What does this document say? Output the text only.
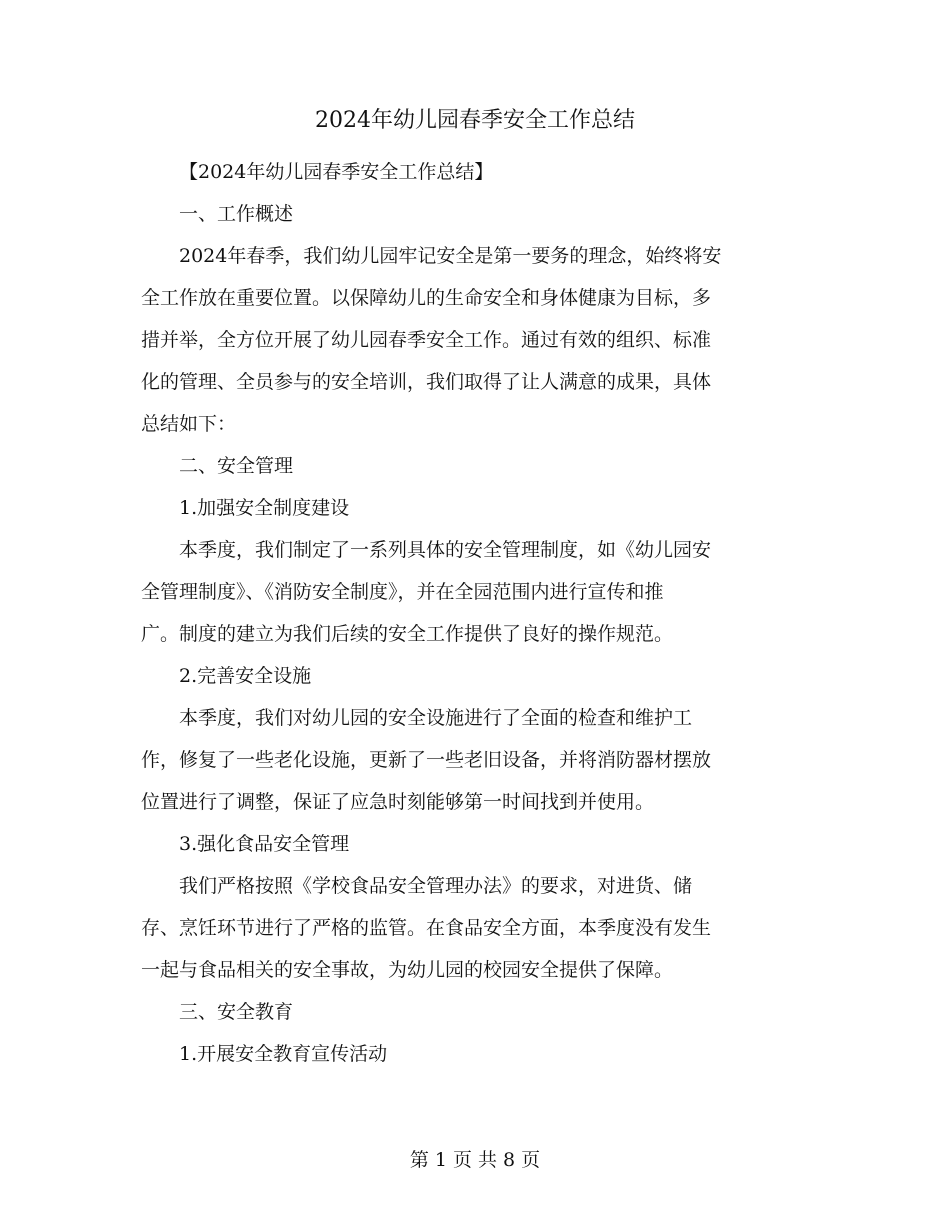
2024年幼儿园春季安全工作总结

【2024年幼儿园春季安全工作总结】

一、工作概述

2024年春季，我们幼儿园牢记安全是第一要务的理念，始终将安
全工作放在重要位置。以保障幼儿的生命安全和身体健康为目标，多
措并举，全方位开展了幼儿园春季安全工作。通过有效的组织、标准
化的管理、全员参与的安全培训，我们取得了让人满意的成果，具体
总结如下：

二、安全管理

1.加强安全制度建设

本季度，我们制定了一系列具体的安全管理制度，如《幼儿园安
全管理制度》、《消防安全制度》，并在全园范围内进行宣传和推
广。制度的建立为我们后续的安全工作提供了良好的操作规范。

2.完善安全设施

本季度，我们对幼儿园的安全设施进行了全面的检查和维护工
作，修复了一些老化设施，更新了一些老旧设备，并将消防器材摆放
位置进行了调整，保证了应急时刻能够第一时间找到并使用。

3.强化食品安全管理

我们严格按照《学校食品安全管理办法》的要求，对进货、储
存、烹饪环节进行了严格的监管。在食品安全方面，本季度没有发生
一起与食品相关的安全事故，为幼儿园的校园安全提供了保障。

三、安全教育

1.开展安全教育宣传活动

第 1 页 共 8 页
